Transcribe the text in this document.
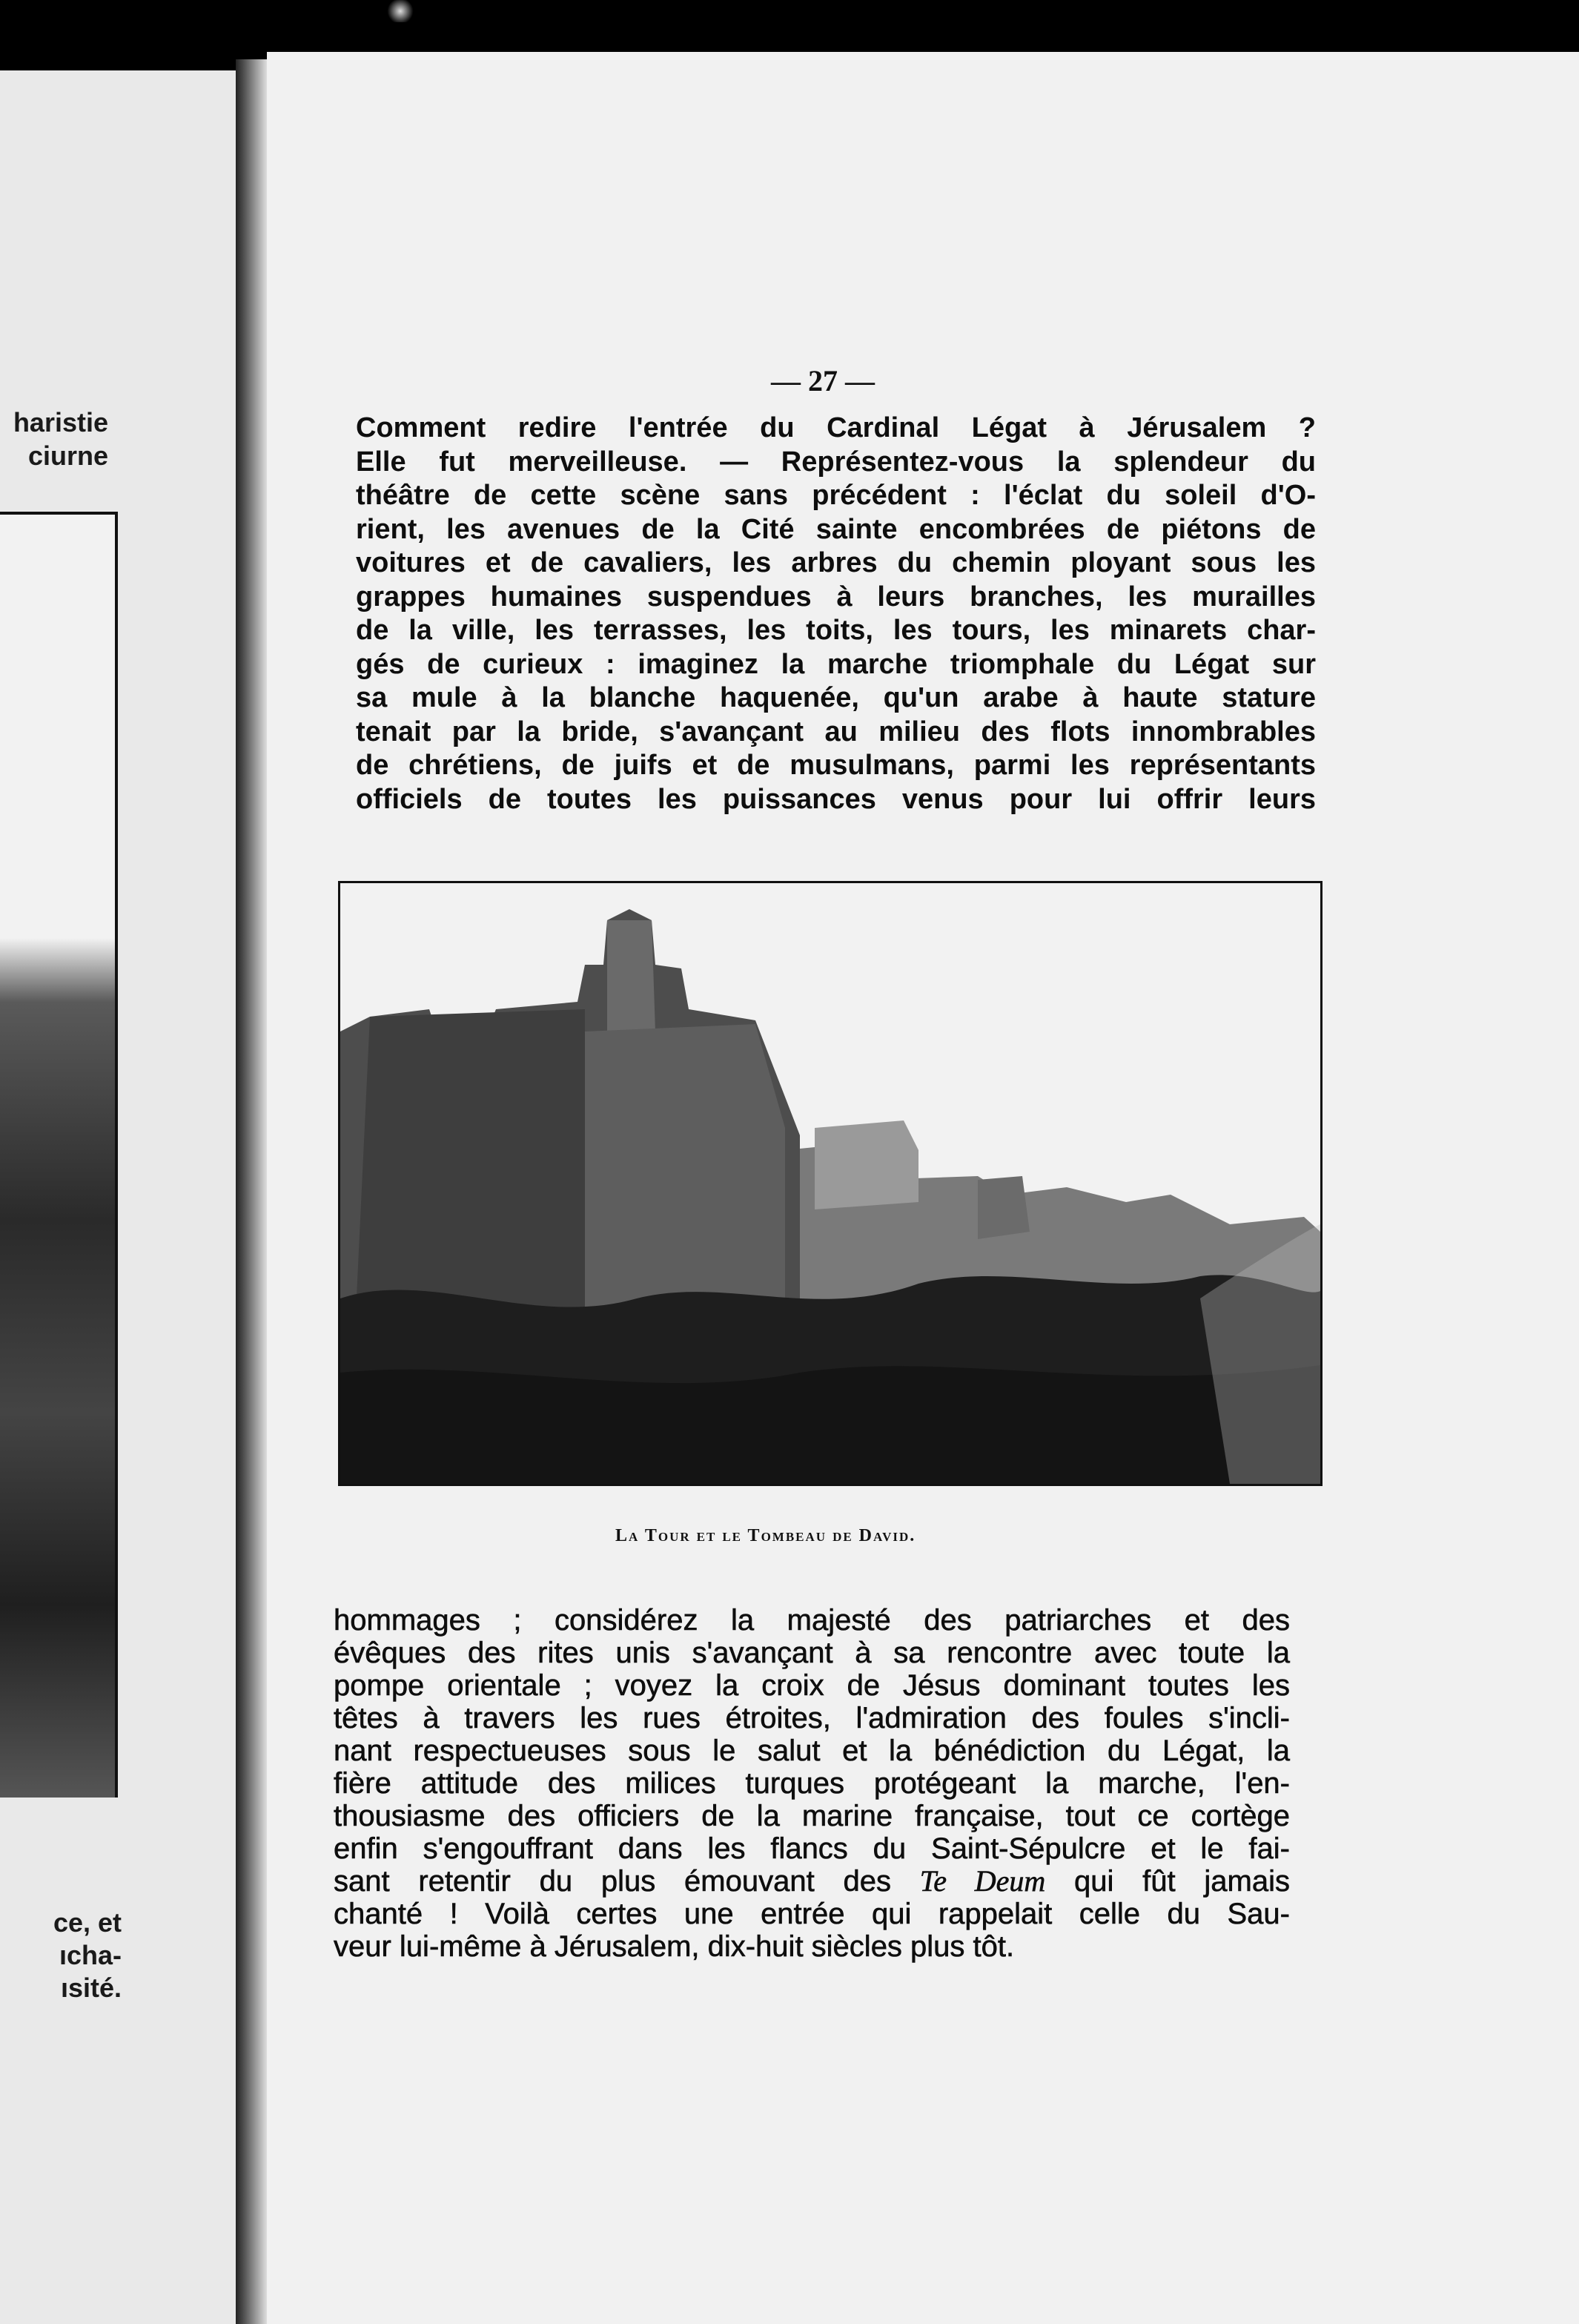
haristie
ciurne
ce, et
ıcha-
ısité.
— 27 —

Comment redire l'entrée du Cardinal Légat à Jérusalem ?
Elle fut merveilleuse. — Représentez-vous la splendeur du
théâtre de cette scène sans précédent : l'éclat du soleil d'O-
rient, les avenues de la Cité sainte encombrées de piétons de
voitures et de cavaliers, les arbres du chemin ployant sous les
grappes humaines suspendues à leurs branches, les murailles
de la ville, les terrasses, les toits, les tours, les minarets char-
gés de curieux : imaginez la marche triomphale du Légat sur
sa mule à la blanche haquenée, qu'un arabe à haute stature
tenait par la bride, s'avançant au milieu des flots innombrables
de chrétiens, de juifs et de musulmans, parmi les représentants
officiels de toutes les puissances venus pour lui offrir leurs

La Tour et le Tombeau de David.

hommages ; considérez la majesté des patriarches et des
évêques des rites unis s'avançant à sa rencontre avec toute la
pompe orientale ; voyez la croix de Jésus dominant toutes les
têtes à travers les rues étroites, l'admiration des foules s'incli-
nant respectueuses sous le salut et la bénédiction du Légat, la
fière attitude des milices turques protégeant la marche, l'en-
thousiasme des officiers de la marine française, tout ce cortège
enfin s'engouffrant dans les flancs du Saint-Sépulcre et le fai-
sant retentir du plus émouvant des Te Deum qui fût jamais
chanté ! Voilà certes une entrée qui rappelait celle du Sau-
veur lui-même à Jérusalem, dix-huit siècles plus tôt.
